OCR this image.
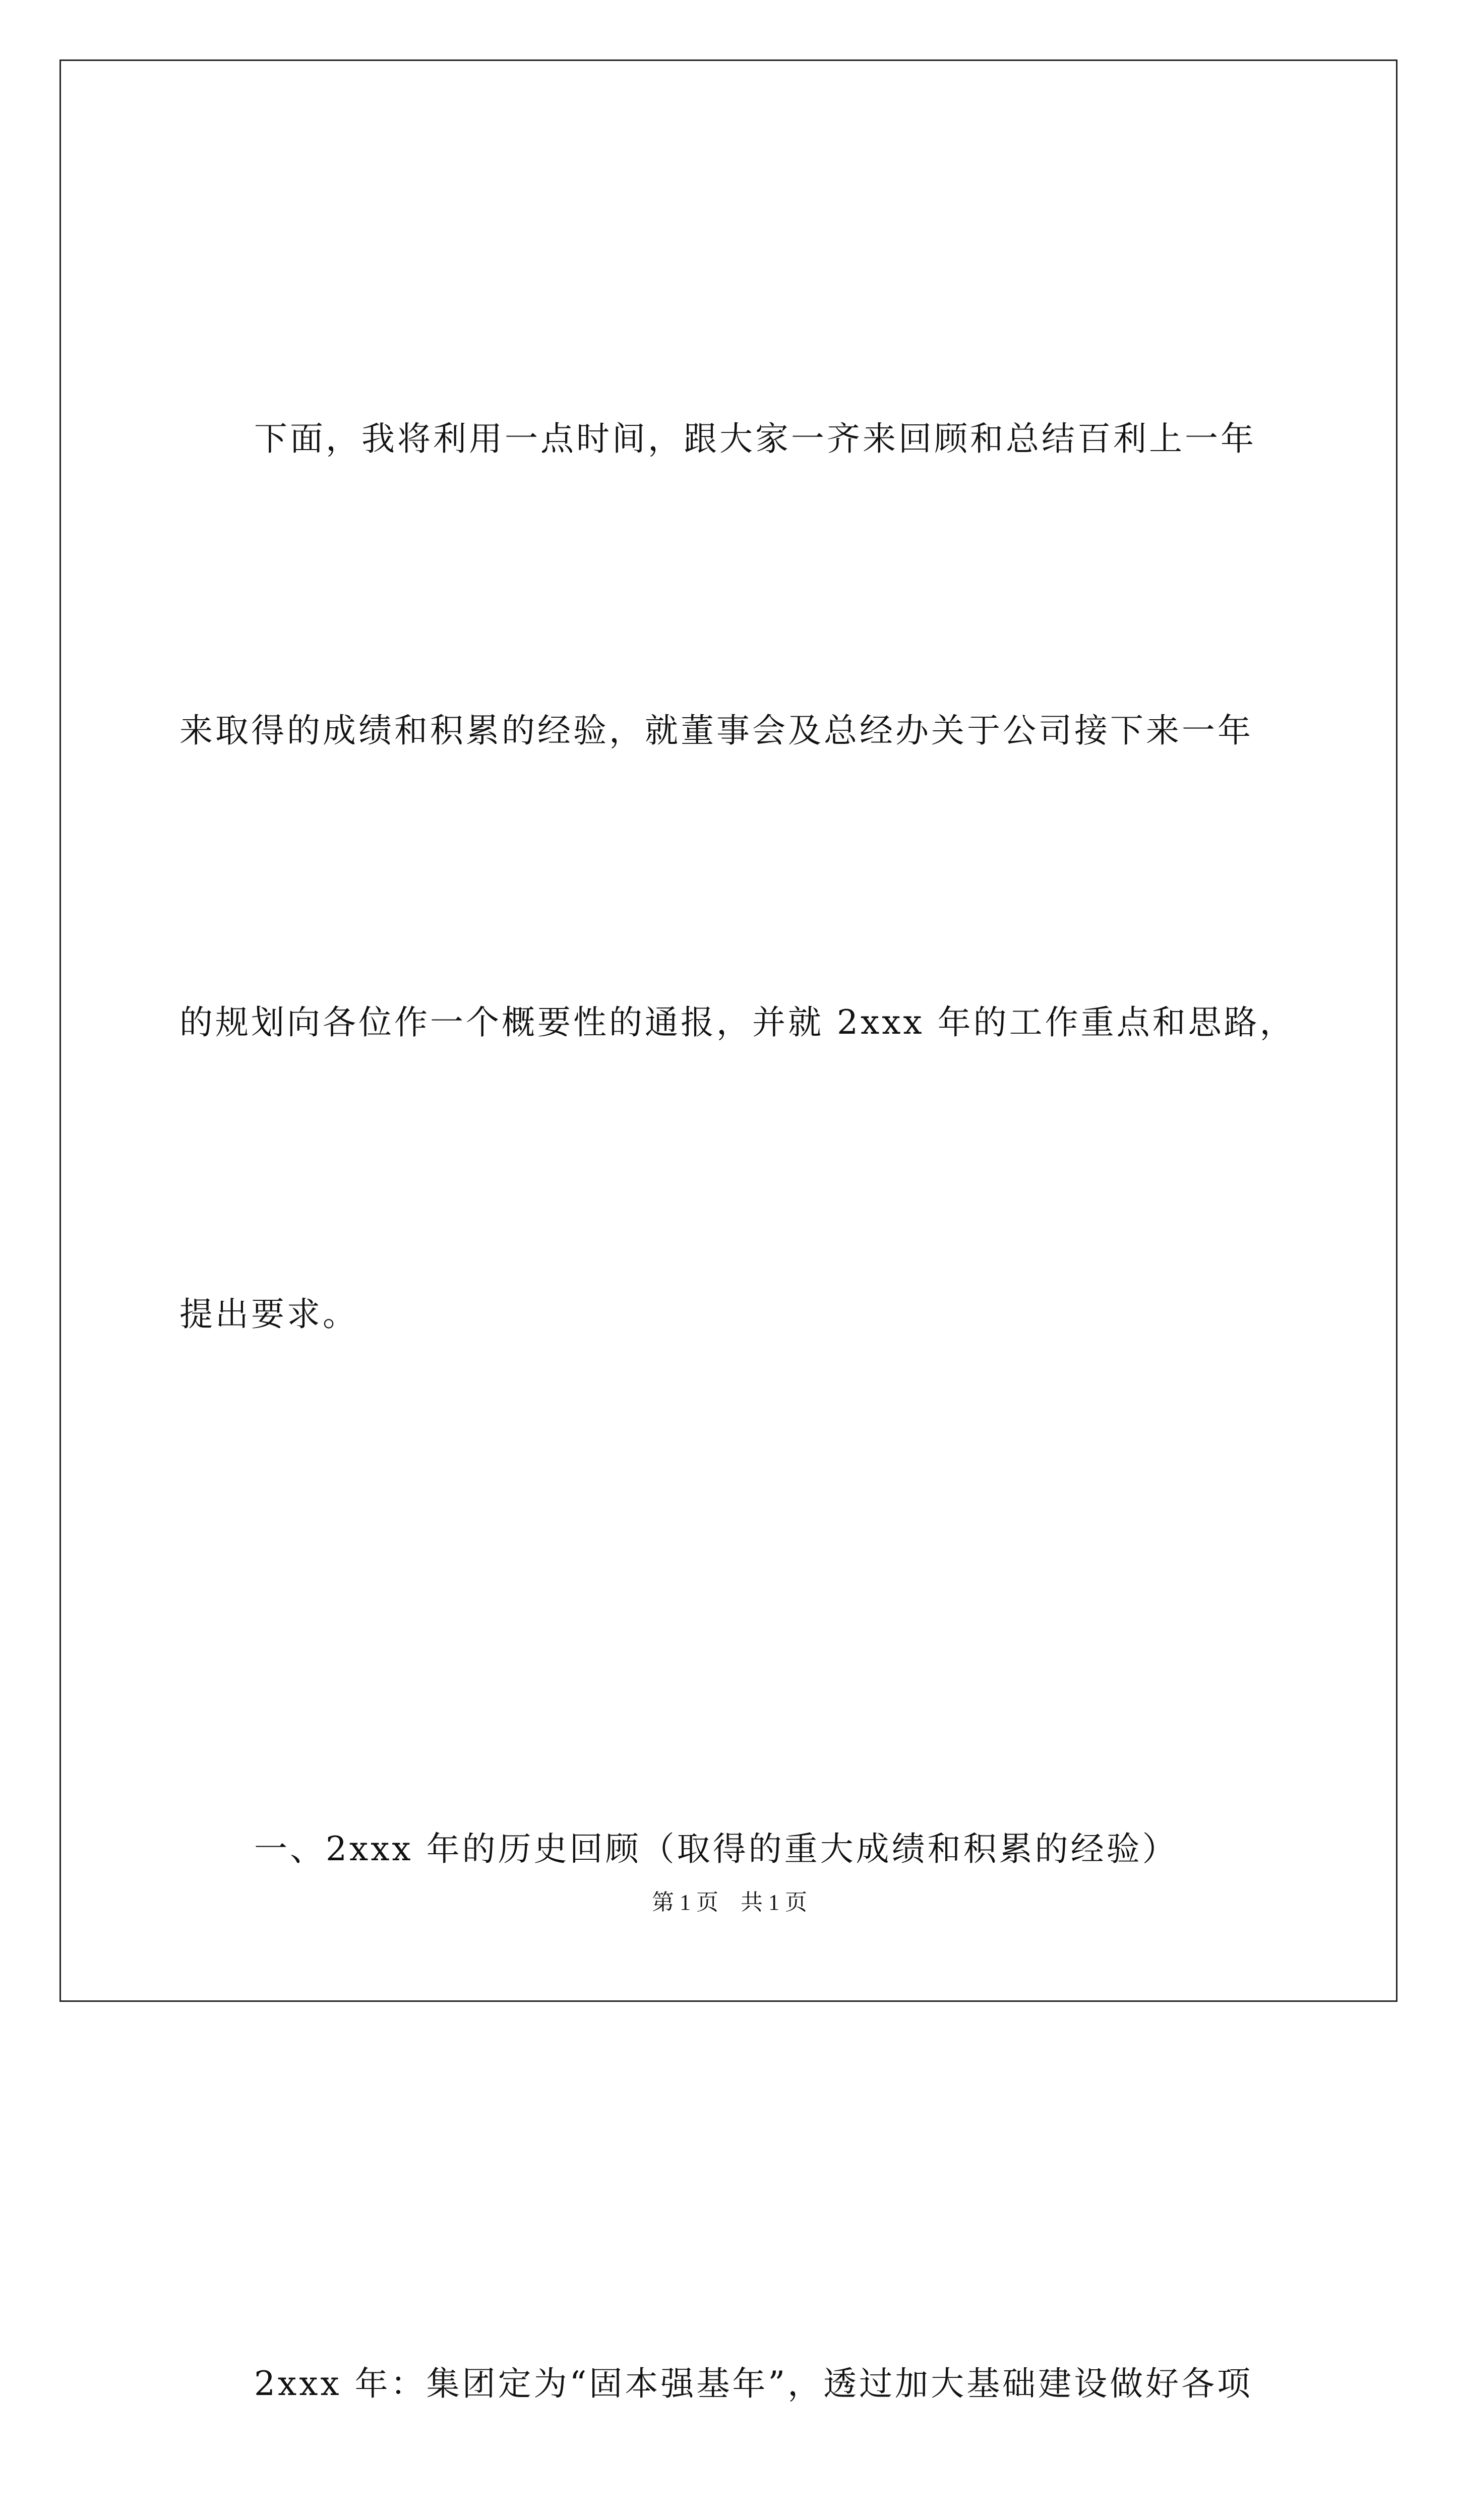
下面，我将利用一点时间，跟大家一齐来回顾和总结百利上一年

来取得的成绩和积累的经验，就董事会及总经办关于公司接下来一年

的规划向各位作一个概要性的通报，并就 2xxx 年的工作重点和思路，

提出要求。

一、2xxx 年的历史回顾（取得的重大成绩和积累的经验）

2xxx 年：集团定为“固本强基年”，透过加大基础建设做好各项

第 1 页    共 1 页
